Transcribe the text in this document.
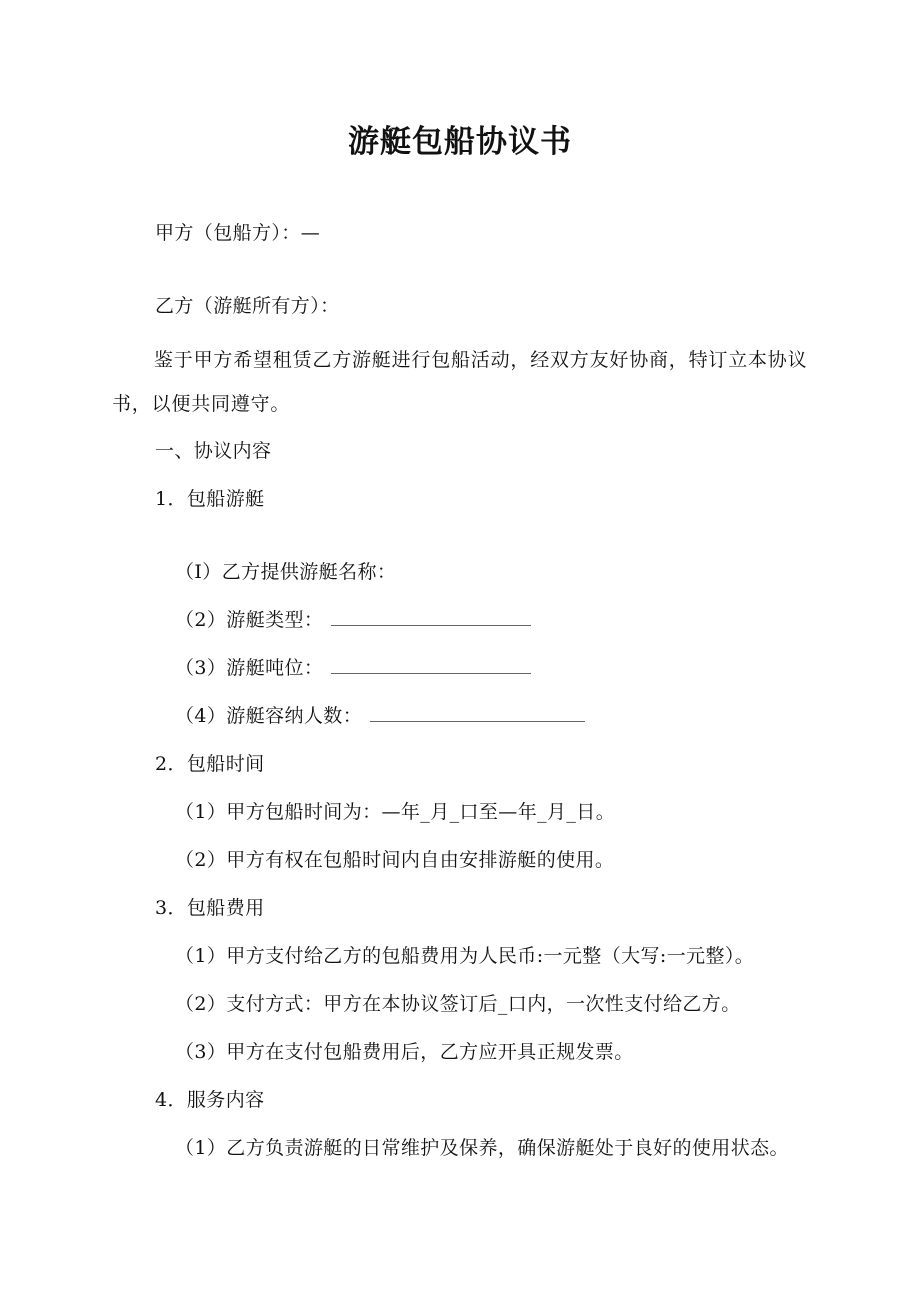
游艇包船协议书
甲方（包船方）：—
乙方（游艇所有方）：
鉴于甲方希望租赁乙方游艇进行包船活动，经双方友好协商，特订立本协议书，以便共同遵守。
一、协议内容
1．包船游艇
（I）乙方提供游艇名称：
（2）游艇类型：
（3）游艇吨位：
（4）游艇容纳人数：
2．包船时间
（1）甲方包船时间为：—年_月_口至—年_月_日。
（2）甲方有权在包船时间内自由安排游艇的使用。
3．包船费用
（1）甲方支付给乙方的包船费用为人民币:一元整（大写:一元整）。
（2）支付方式：甲方在本协议签订后_口内，一次性支付给乙方。
（3）甲方在支付包船费用后，乙方应开具正规发票。
4．服务内容
（1）乙方负责游艇的日常维护及保养，确保游艇处于良好的使用状态。
